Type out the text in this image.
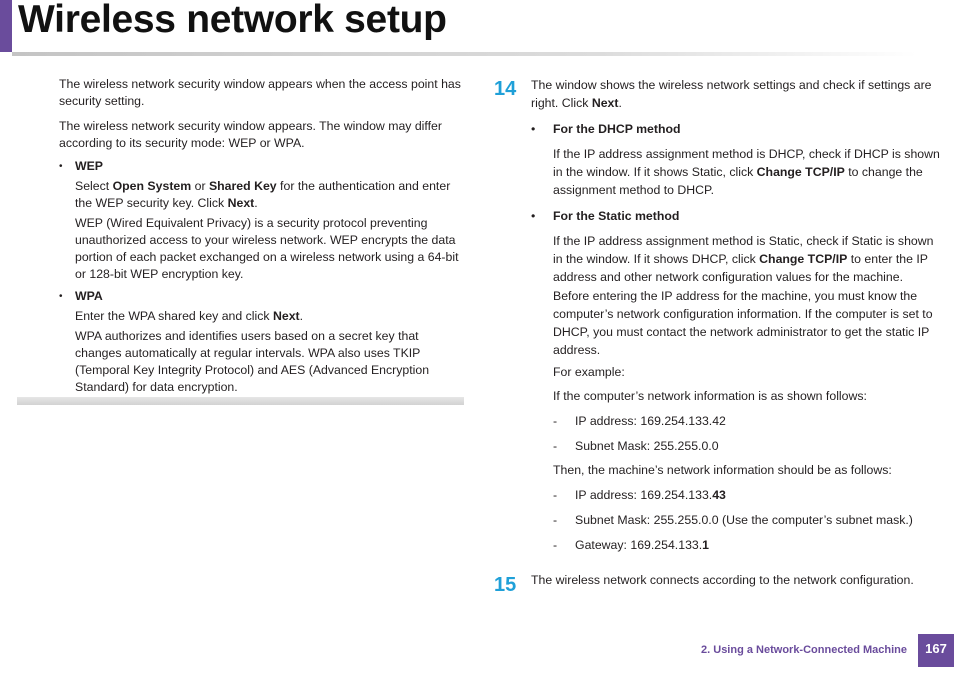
Wireless network setup

The wireless network security window appears when the access point has security setting.

The wireless network security window appears. The window may differ according to its security mode: WEP or WPA.

• WEP

Select Open System or Shared Key for the authentication and enter the WEP security key. Click Next.

WEP (Wired Equivalent Privacy) is a security protocol preventing unauthorized access to your wireless network. WEP encrypts the data portion of each packet exchanged on a wireless network using a 64-bit or 128-bit WEP encryption key.

• WPA

Enter the WPA shared key and click Next.

WPA authorizes and identifies users based on a secret key that changes automatically at regular intervals. WPA also uses TKIP (Temporal Key Integrity Protocol) and AES (Advanced Encryption Standard) for data encryption.

14
15

The window shows the wireless network settings and check if settings are right. Click Next.

• For the DHCP method

If the IP address assignment method is DHCP, check if DHCP is shown in the window. If it shows Static, click Change TCP/IP to change the assignment method to DHCP.

• For the Static method

If the IP address assignment method is Static, check if Static is shown in the window. If it shows DHCP, click Change TCP/IP to enter the IP address and other network configuration values for the machine. Before entering the IP address for the machine, you must know the computer’s network configuration information. If the computer is set to DHCP, you must contact the network administrator to get the static IP address.

For example:

If the computer’s network information is as shown follows:

- IP address: 169.254.133.42
- Subnet Mask: 255.255.0.0

Then, the machine’s network information should be as follows:

- IP address: 169.254.133.43
- Subnet Mask: 255.255.0.0 (Use the computer’s subnet mask.)
- Gateway: 169.254.133.1

The wireless network connects according to the network configuration.

2. Using a Network-Connected Machine	167
